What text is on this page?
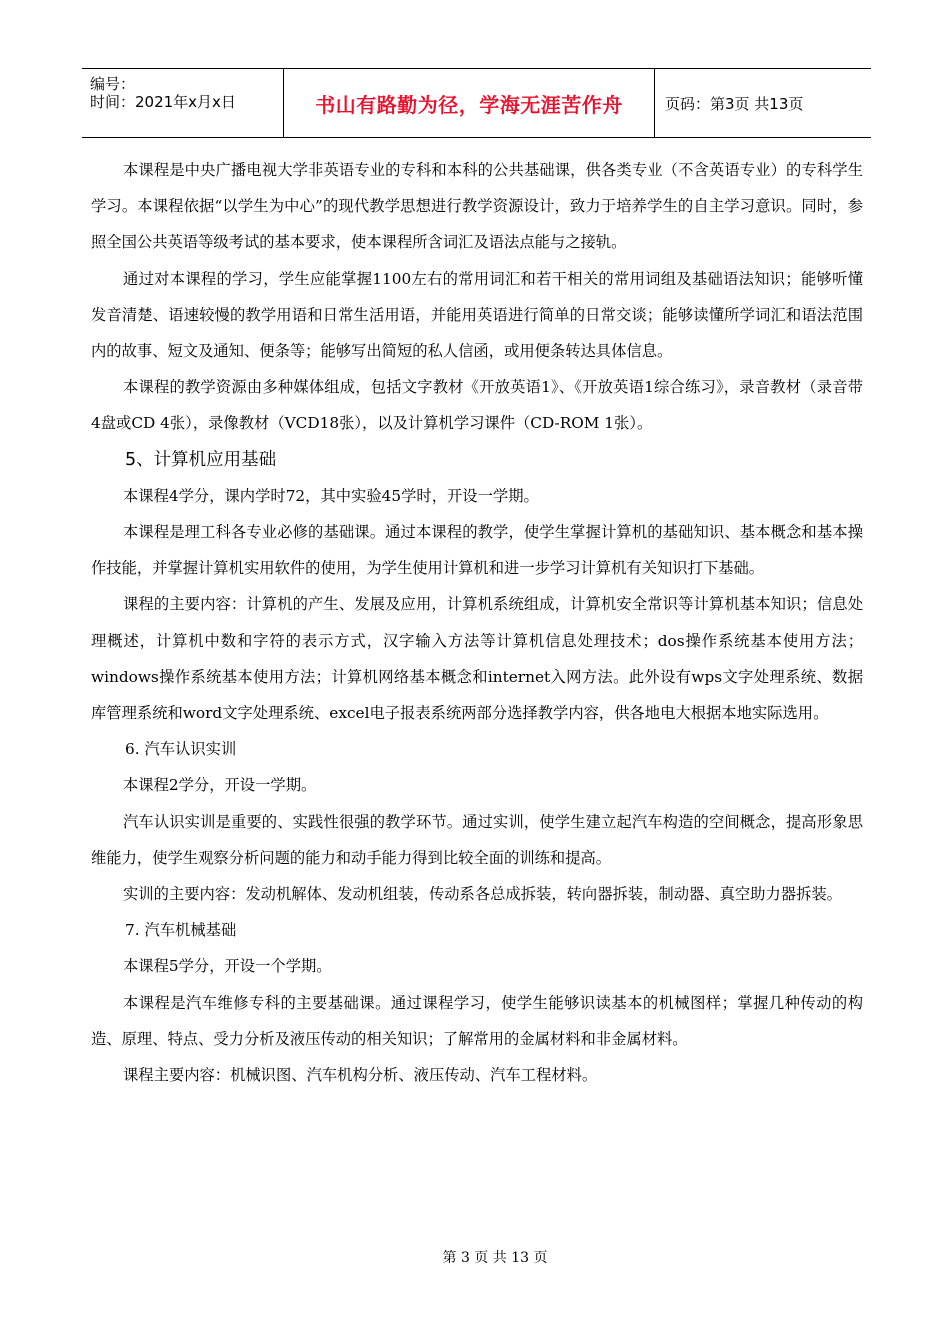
编号：
时间：2021年x月x日	书山有路勤为径，学海无涯苦作舟	页码：第3页 共13页

本课程是中央广播电视大学非英语专业的专科和本科的公共基础课，供各类专业（不含英语专业）的专科学生学习。本课程依据“以学生为中心”的现代教学思想进行教学资源设计，致力于培养学生的自主学习意识。同时，参照全国公共英语等级考试的基本要求，使本课程所含词汇及语法点能与之接轨。

通过对本课程的学习，学生应能掌握1100左右的常用词汇和若干相关的常用词组及基础语法知识；能够听懂发音清楚、语速较慢的教学用语和日常生活用语，并能用英语进行简单的日常交谈；能够读懂所学词汇和语法范围内的故事、短文及通知、便条等；能够写出简短的私人信函，或用便条转达具体信息。

本课程的教学资源由多种媒体组成，包括文字教材《开放英语1》、《开放英语1综合练习》，录音教材（录音带4盘或CD 4张），录像教材（VCD18张），以及计算机学习课件（CD-ROM 1张）。

5、计算机应用基础

本课程4学分，课内学时72，其中实验45学时，开设一学期。

本课程是理工科各专业必修的基础课。通过本课程的教学，使学生掌握计算机的基础知识、基本概念和基本操作技能，并掌握计算机实用软件的使用，为学生使用计算机和进一步学习计算机有关知识打下基础。

课程的主要内容：计算机的产生、发展及应用，计算机系统组成，计算机安全常识等计算机基本知识；信息处理概述，计算机中数和字符的表示方式，汉字输入方法等计算机信息处理技术；dos操作系统基本使用方法；windows操作系统基本使用方法；计算机网络基本概念和internet入网方法。此外设有wps文字处理系统、数据库管理系统和word文字处理系统、excel电子报表系统两部分选择教学内容，供各地电大根据本地实际选用。

6. 汽车认识实训

本课程2学分，开设一学期。

汽车认识实训是重要的、实践性很强的教学环节。通过实训，使学生建立起汽车构造的空间概念，提高形象思维能力，使学生观察分析问题的能力和动手能力得到比较全面的训练和提高。

实训的主要内容：发动机解体、发动机组装，传动系各总成拆装，转向器拆装，制动器、真空助力器拆装。

7. 汽车机械基础

本课程5学分，开设一个学期。

本课程是汽车维修专科的主要基础课。通过课程学习，使学生能够识读基本的机械图样；掌握几种传动的构造、原理、特点、受力分析及液压传动的相关知识；了解常用的金属材料和非金属材料。

课程主要内容：机械识图、汽车机构分析、液压传动、汽车工程材料。

第 3 页 共 13 页
